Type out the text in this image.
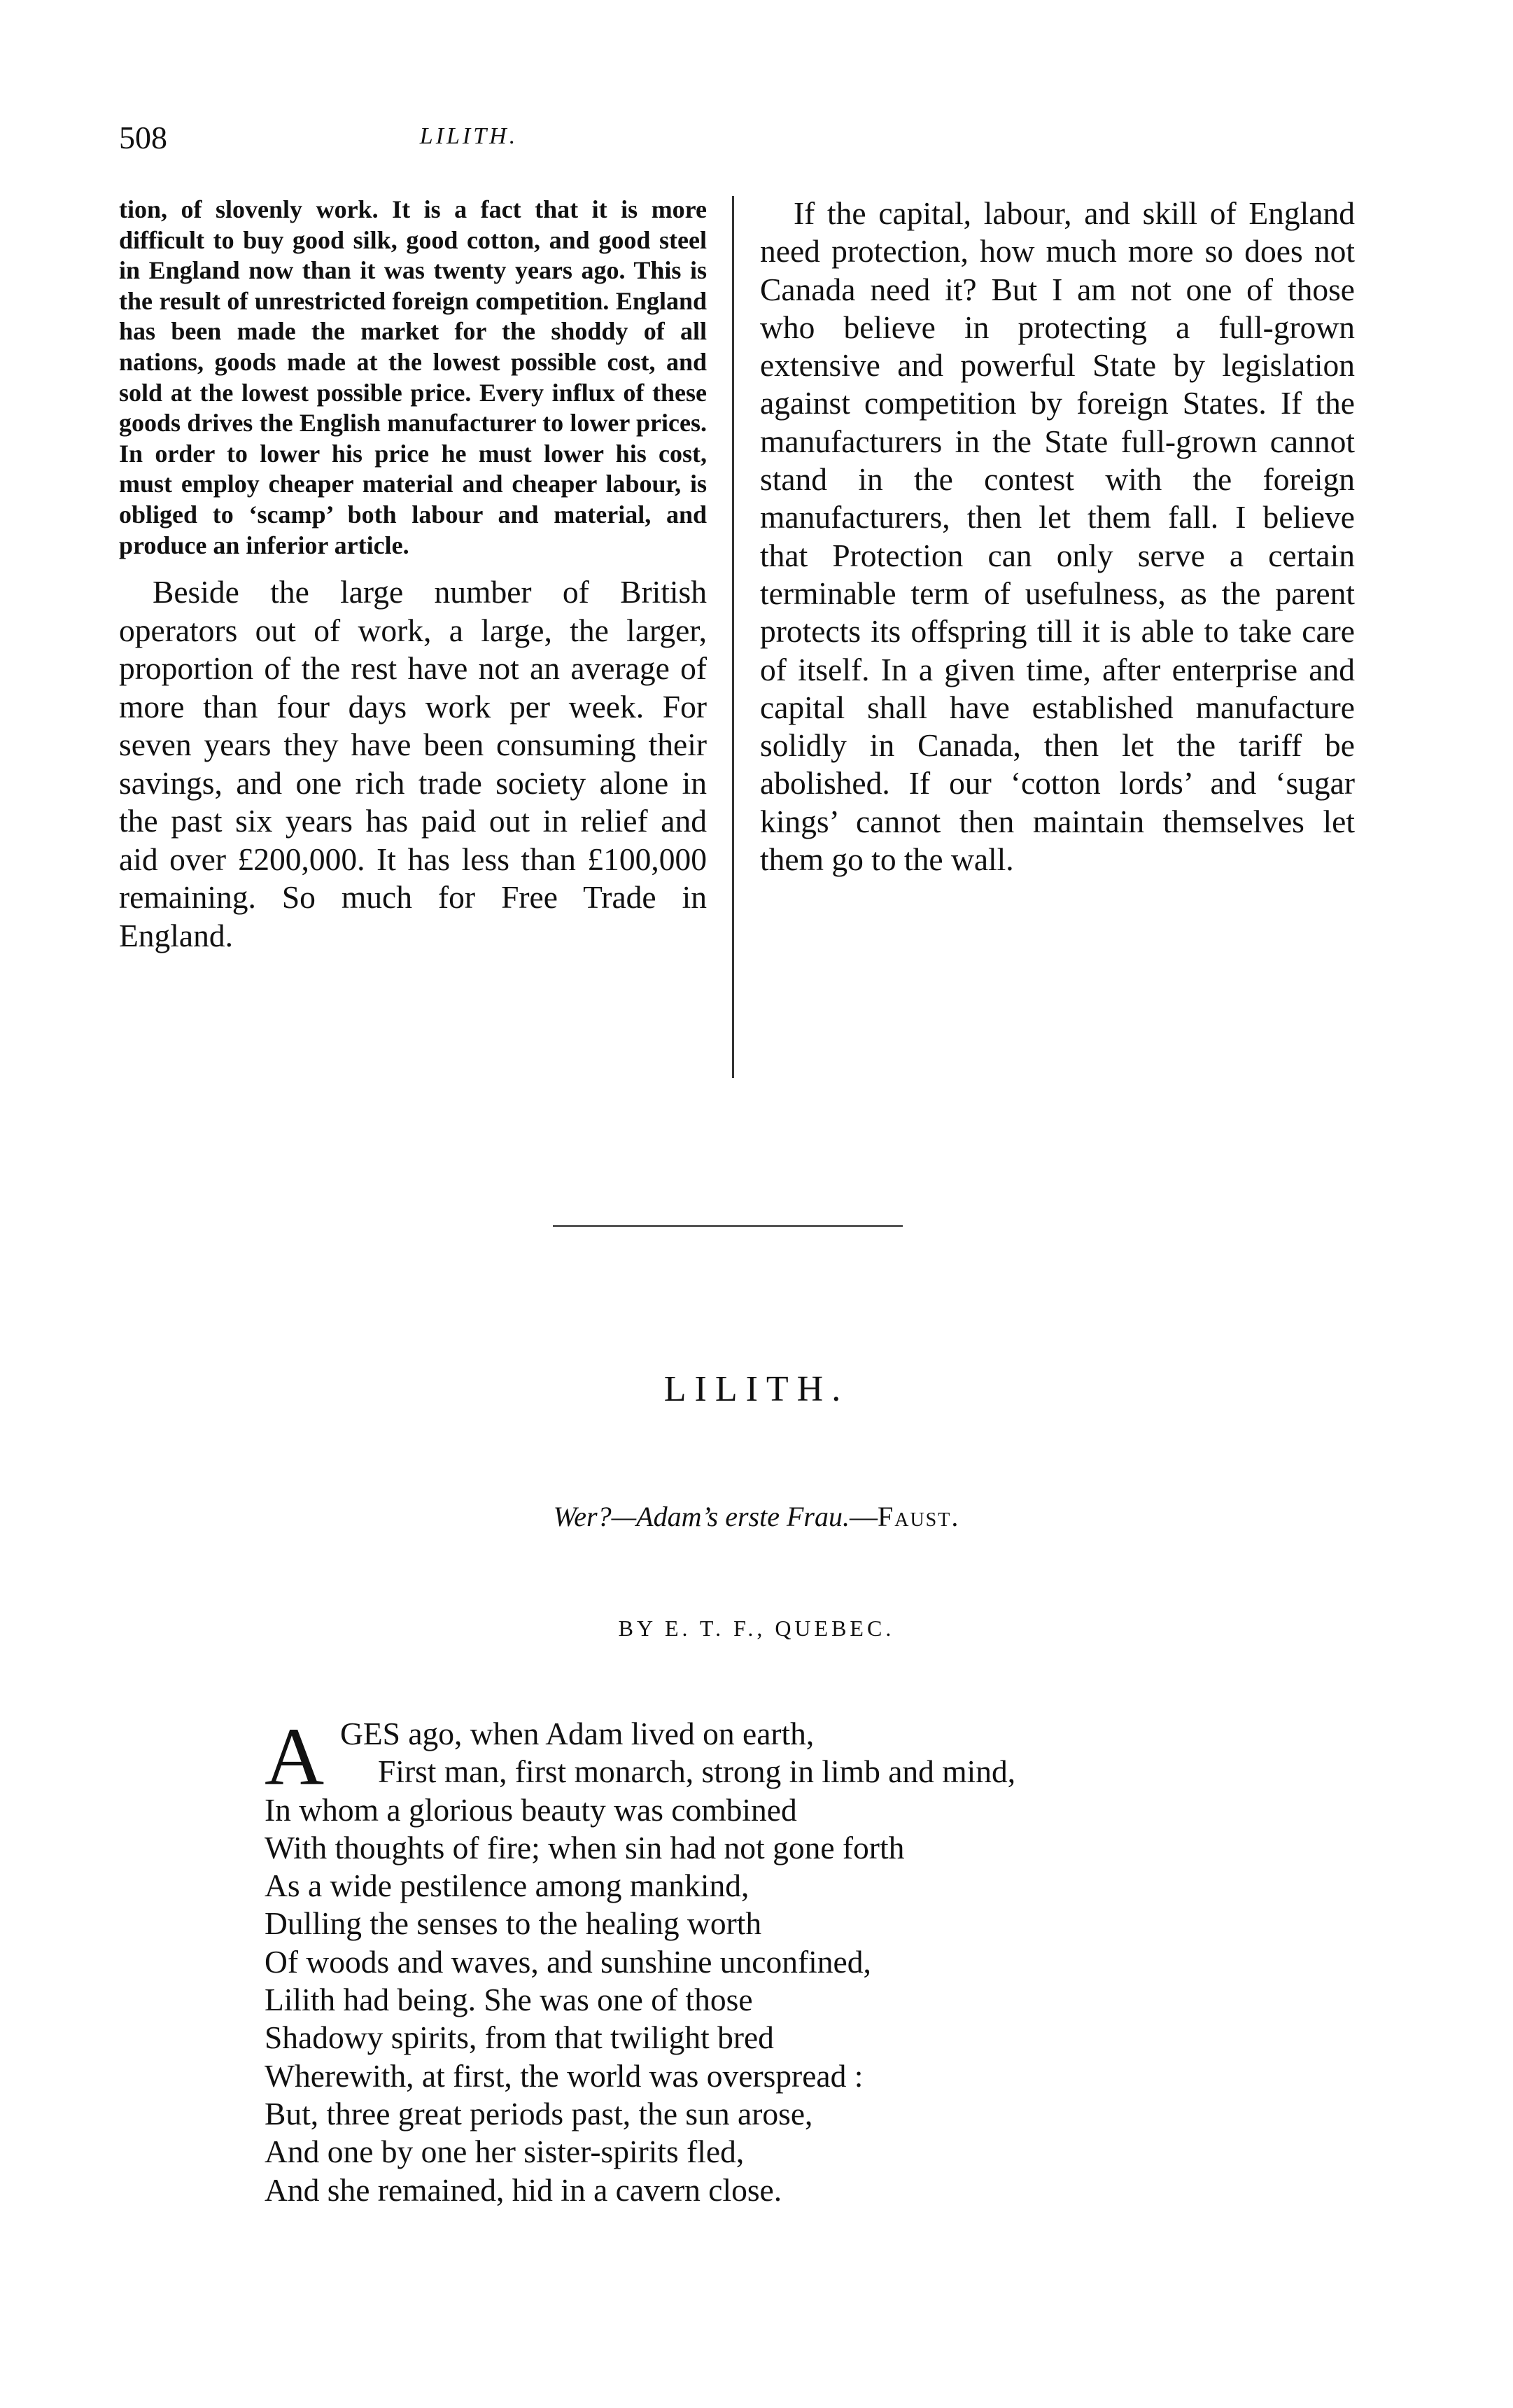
508	LILITH.

tion, of slovenly work. It is a fact that it is more difficult to buy good silk, good cotton, and good steel in England now than it was twenty years ago. This is the result of unrestricted foreign competition. England has been made the market for the shoddy of all nations, goods made at the lowest possible cost, and sold at the lowest possible price. Every influx of these goods drives the English manufacturer to lower prices. In order to lower his price he must lower his cost, must employ cheaper material and cheaper labour, is obliged to ‘scamp’ both labour and material, and produce an inferior article.

Beside the large number of British operators out of work, a large, the larger, proportion of the rest have not an average of more than four days work per week. For seven years they have been consuming their savings, and one rich trade society alone in the past six years has paid out in relief and aid over £200,000. It has less than £100,000 remaining. So much for Free Trade in England.

If the capital, labour, and skill of England need protection, how much more so does not Canada need it? But I am not one of those who believe in protecting a full-grown extensive and powerful State by legislation against competition by foreign States. If the manufacturers in the State full-grown cannot stand in the contest with the foreign manufacturers, then let them fall. I believe that Protection can only serve a certain terminable term of usefulness, as the parent protects its offspring till it is able to take care of itself. In a given time, after enterprise and capital shall have established manufacture solidly in Canada, then let the tariff be abolished. If our ‘cotton lords’ and ‘sugar kings’ cannot then maintain themselves let them go to the wall.

LILITH.
Wer?—Adam’s erste Frau.—Faust.
BY E. T. F., QUEBEC.
A GES ago, when Adam lived on earth,
First man, first monarch, strong in limb and mind,
In whom a glorious beauty was combined
With thoughts of fire; when sin had not gone forth
As a wide pestilence among mankind,
Dulling the senses to the healing worth
Of woods and waves, and sunshine unconfined,
Lilith had being. She was one of those
Shadowy spirits, from that twilight bred
Wherewith, at first, the world was overspread :
But, three great periods past, the sun arose,
And one by one her sister-spirits fled,
And she remained, hid in a cavern close.
